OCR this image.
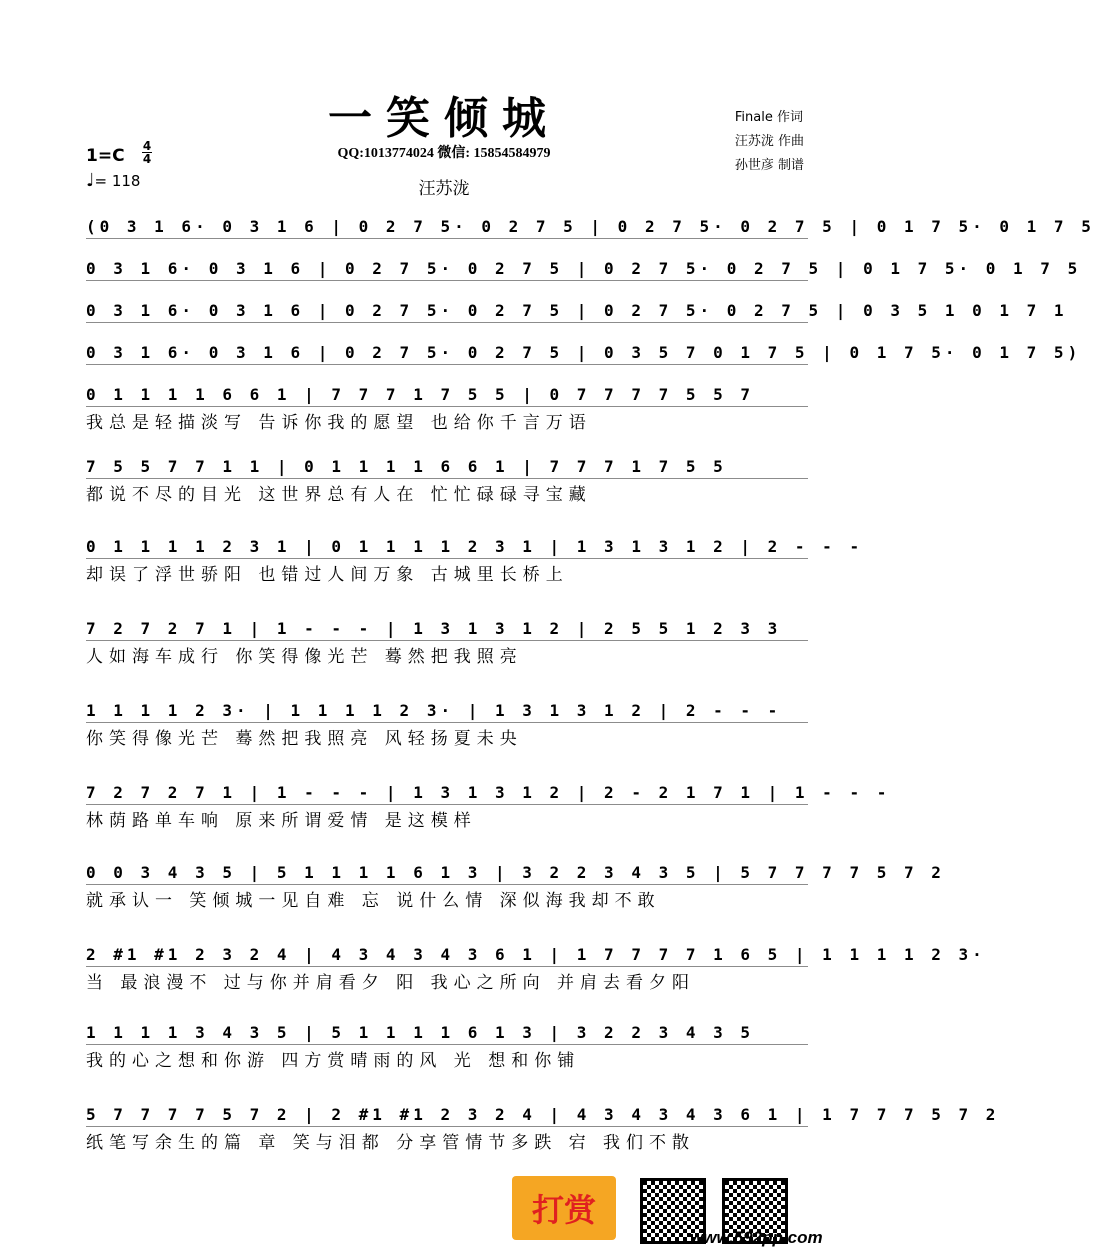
一笑倾城
QQ:1013774024 微信: 15854584979
汪苏泷
Finale 作词
汪苏泷 作曲
孙世彦 制谱
1=C 4
4
♩= 118
(0 3 1 6· 0 3 1 6 | 0 2 7 5· 0 2 7 5 | 0 2 7 5· 0 2 7 5 | 0 1 7 5· 0 1 7 5
0 3 1 6· 0 3 1 6 | 0 2 7 5· 0 2 7 5 | 0 2 7 5· 0 2 7 5 | 0 1 7 5· 0 1 7 5
0 3 1 6· 0 3 1 6 | 0 2 7 5· 0 2 7 5 | 0 2 7 5· 0 2 7 5 | 0 3 5 1 0 1 7 1
0 3 1 6· 0 3 1 6 | 0 2 7 5· 0 2 7 5 | 0 3 5 7 0 1 7 5 | 0 1 7 5· 0 1 7 5)
0 1 1 1 1 6 6 1 | 7 7 7 1 7 5 5 | 0 7 7 7 7 5 5 7
我总是轻描淡写 告诉你我的愿望 也给你千言万语
7 5 5 7 7 1 1 | 0 1 1 1 1 6 6 1 | 7 7 7 1 7 5 5
都说不尽的目光 这世界总有人在 忙忙碌碌寻宝藏
0 1 1 1 1 2 3 1 | 0 1 1 1 1 2 3 1 | 1 3 1 3 1 2 | 2 - - -
却误了浮世骄阳 也错过人间万象 古城里长桥上
7 2 7 2 7 1 | 1 - - - | 1 3 1 3 1 2 | 2 5 5 1 2 3 3
人如海车成行 你笑得像光芒 蓦然把我照亮
1 1 1 1 2 3· | 1 1 1 1 2 3· | 1 3 1 3 1 2 | 2 - - -
你笑得像光芒 蓦然把我照亮 风轻扬夏未央
7 2 7 2 7 1 | 1 - - - | 1 3 1 3 1 2 | 2 - 2 1 7 1 | 1 - - -
林荫路单车响 原来所谓爱情 是这模样
0 0 3 4 3 5 | 5 1 1 1 1 6 1 3 | 3 2 2 3 4 3 5 | 5 7 7 7 7 5 7 2
就承认一 笑倾城一见自难 忘 说什么情 深似海我却不敢
2 #1 #1 2 3 2 4 | 4 3 4 3 4 3 6 1 | 1 7 7 7 7 1 6 5 | 1 1 1 1 2 3·
当 最浪漫不 过与你并肩看夕 阳 我心之所向 并肩去看夕阳
1 1 1 1 3 4 3 5 | 5 1 1 1 1 6 1 3 | 3 2 2 3 4 3 5
我的心之想和你游 四方赏晴雨的风 光 想和你铺
5 7 7 7 7 5 7 2 | 2 #1 #1 2 3 2 4 | 4 3 4 3 4 3 6 1 | 1 7 7 7 5 7 2
纸笔写余生的篇 章 笑与泪都 分享管情节多跌 宕 我们不散
打赏
www.592pp.com
